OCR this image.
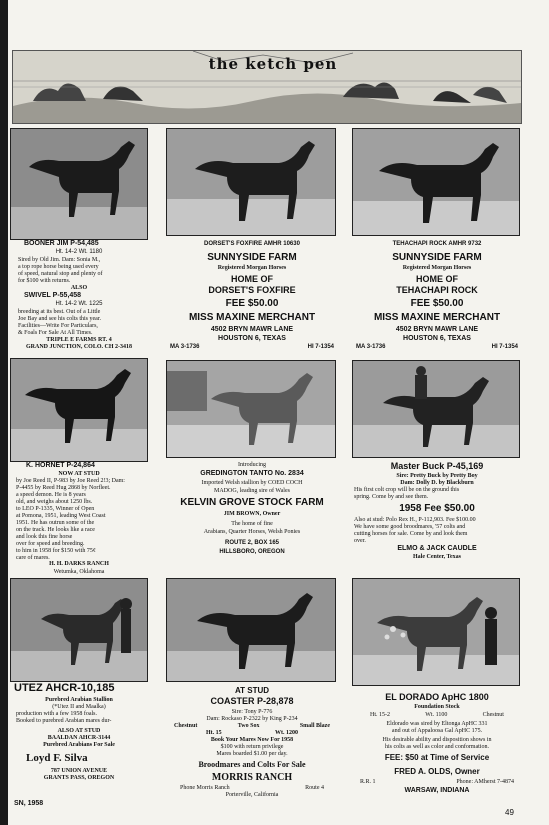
the ketch pen
BOONER JIM P-54,485
Ht. 14-2 Wt. 1180
Sired by Old Jim. Dam: Sonia M.,
a top rope horse being used every
of speed, natural stop and plenty of
for $100 with returns.
ALSO
SWIVEL P-55,458
Ht. 14-2 Wt. 1225
breeding at its best. Out of a Little
Joe Bay and see his colts this year.
Facilities—Write For Particulars,
& Foals For Sale At All Times.
TRIPLE E FARMS RT. 4
GRAND JUNCTION, COLO. CH 2-3418
K. HORNET P-24,864
NOW AT STUD
by Joe Reed II, P-983 by Joe Reed 2!3; Dam:
P-4455 by Reed Hug 2868 by Norfleet.
a speed demon. He is 8 years
old, and weighs about 1250 lbs.
to LEO P-1335, Winner of Open
at Pomona, 1951, leading West Coast
1951. He has outrun some of the
on the track. He looks like a race
and look this fine horse
over for speed and breeding.
to him in 1958 for $150 with 75¢
care of mares.
H. H. DARKS RANCH
Wetumka, Oklahoma
UTEZ AHCR-10,185
Purebred Arabian Stallion
(*Utez II and Maalka)
production with a few 1958 foals.
Booked to purebred Arabian mares dur-
ALSO AT STUD
BAALDAN AHCR-3144
Purebred Arabians For Sale
Loyd F. Silva
787 UNION AVENUE
GRANTS PASS, OREGON
DORSET'S FOXFIRE AMHR 10630
SUNNYSIDE FARM
Registered Morgan Horses
HOME OF
DORSET'S FOXFIRE
FEE $50.00
MISS MAXINE MERCHANT
4502 BRYN MAWR LANE
HOUSTON 6, TEXAS
MA 3-1736	HI 7-1354
Introducing
GREDINGTON TANTO No. 2834
Imported Welsh stallion by COED COCH
MADOG, leading sire of Wales
KELVIN GROVE STOCK FARM
JIM BROWN, Owner
The home of fine
Arabians, Quarter Horses, Welsh Ponies
ROUTE 2, BOX 165
HILLSBORO, OREGON
AT STUD
COASTER P-28,878
Sire: Tony P-776
Dam: Rockaso P-2322 by King P-234
Chestnut	Two Sox	Small Blaze
Ht. 15	Wt. 1200
Book Your Mares Now For 1958
$100 with return privilege
Mares boarded $1.00 per day.
Broodmares and Colts For Sale
MORRIS RANCH
Phone Morris Ranch	Route 4
Porterville, California
TEHACHAPI ROCK AMHR 9732
SUNNYSIDE FARM
Registered Morgan Horses
HOME OF
TEHACHAPI ROCK
FEE $50.00
MISS MAXINE MERCHANT
4502 BRYN MAWR LANE
HOUSTON 6, TEXAS
MA 3-1736	HI 7-1354
Master Buck P-45,169
Sire: Pretty Buck by Pretty Boy
Dam: Dolly D. by Blackburn
His first colt crop will be on the ground this
spring. Come by and see them.
1958 Fee $50.00
Also at stud: Polo Rex H., P-112,903. Fee $100.00
We have some good broodmares, '57 colts and
cutting horses for sale. Come by and look them
over.
ELMO & JACK CAUDLE
Hale Center, Texas
EL DORADO ApHC 1800
Foundation Stock
Ht. 15-2	Wt. 1100	Chestnut
Eldorado was sired by Eltonga ApHC 331
and out of Appaloosa Gal ApHC 175.
His desirable ability and disposition shows in
his colts as well as color and conformation.
FEE: $50 at Time of Service
FRED A. OLDS, Owner
R.R. 1	Phone: AMherst 7-4874
WARSAW, INDIANA
SN, 1958
49
